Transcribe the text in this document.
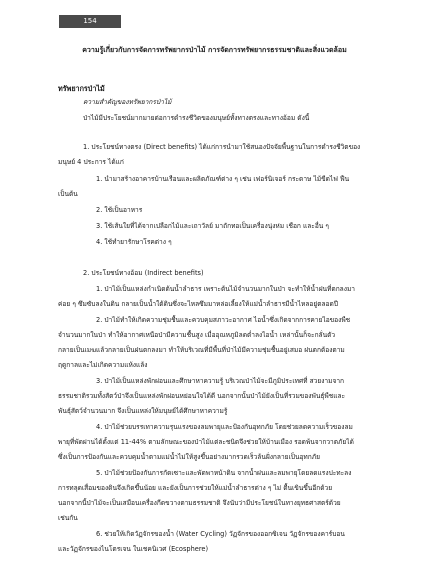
154
ความรู้เกี่ยวกับการจัดการทรัพยากรป่าไม้ การจัดการทรัพยากรธรรมชาติและสิ่งแวดล้อม
ทรัพยากรป่าไม้
ความสำคัญของทรัพยากรป่าไม้
ป่าไม้มีประโยชน์มากมายต่อการดำรงชีวิตของมนุษย์ทั้งทางตรงและทางอ้อม ดังนี้
1. ประโยชน์ทางตรง (Direct benefits) ได้แก่การนำมาใช้สนองปัจจัยพื้นฐานในการดำรงชีวิตของ
มนุษย์ 4 ประการ ได้แก่
1. นำมาสร้างอาคารบ้านเรือนและผลิตภัณฑ์ต่าง ๆ เช่น เฟอร์นิเจอร์ กระดาษ ไม้ขีดไฟ ฟืน
เป็นต้น
2. ใช้เป็นอาหาร
3. ใช้เส้นใยที่ได้จากเปลือกไม้และเถาวัลย์ มาถักทอเป็นเครื่องนุ่งห่ม เชือก และอื่น ๆ
4. ใช้ทำยารักษาโรคต่าง ๆ
2. ประโยชน์ทางอ้อม (Indirect benefits)
1. ป่าไม้เป็นแหล่งกำเนิดต้นน้ำลำธาร เพราะต้นไม้จำนวนมากในป่า จะทำให้น้ำฝนที่ตกลงมา
ค่อย ๆ ซึมซับลงในดิน กลายเป็นน้ำใต้ดินซึ่งจะไหลซึมมาหล่อเลี้ยงให้แม่น้ำลำธารมีน้ำไหลอยู่ตลอดปี
2. ป่าไม้ทำให้เกิดความชุ่มชื้นและควบคุมสภาวะอากาศ ไอน้ำซึ่งเกิดจากการคายไอของพืช
จำนวนมากในป่า ทำให้อากาศเหนือป่ามีความชื้นสูง เมื่ออุณหภูมิลดต่ำลงไอน้ำ เหล่านั้นก็จะกลั่นตัว
กลายเป็นเมฆแล้วกลายเป็นฝนตกลงมา ทำให้บริเวณที่มีพื้นที่ป่าไม้มีความชุ่มชื้นอยู่เสมอ ฝนตกต้องตาม
ฤดูกาลและไม่เกิดความแห้งแล้ง
3. ป่าไม้เป็นแหล่งพักผ่อนและศึกษาหาความรู้ บริเวณป่าไม้จะมีภูมิประเทศที่ สวยงามจาก
ธรรมชาติรวมทั้งสัตว์ป่าจึงเป็นแหล่งพักผ่อนหย่อนใจได้ดี นอกจากนั้นป่าไม้ยังเป็นที่รวมของพันธุ์พืชและ
พันธุ์สัตว์จำนวนมาก จึงเป็นแหล่งให้มนุษย์ได้ศึกษาหาความรู้
4. ป่าไม้ช่วยบรรเทาความรุนแรงของลมพายุและป้องกันอุทกภัย โดยช่วยลดความเร็วของลม
พายุที่พัดผ่านได้ตั้งแต่ 11-44% ตามลักษณะของป่าไม้แต่ละชนิดจึงช่วยให้บ้านเมือง รอดพ้นจากวาตภัยได้
ซึ่งเป็นการป้องกันและควบคุมน้ำตามแม่น้ำไม่ให้สูงขึ้นอย่างมากรวดเร็วล้นฝั่งกลายเป็นอุทกภัย
5. ป่าไม้ช่วยป้องกันการกัดเซาะและพัดพาหน้าดิน จากน้ำฝนและลมพายุโดยลดแรงปะทะลง
การทลุดเสื่อมของดินจึงเกิดขึ้นน้อย และยังเป็นการช่วยให้แม่น้ำลำธารต่าง ๆ ไม่ ตื้นเขินขึ้นอีกด้วย
นอกจากนี้ป่าไม้จะเป็นเสมือนเครื่องกีดขวางตามธรรมชาติ จึงนับว่ามีประโยชน์ในทางยุทธศาสตร์ด้วย
เช่นกัน
6. ช่วยให้เกิดวัฏจักรของน้ำ (Water Cycling) วัฏจักรของออกซิเจน วัฏจักรของคาร์บอน
และวัฏจักรของไนโตรเจน ในเชคนิเวศ (Ecosphere)
